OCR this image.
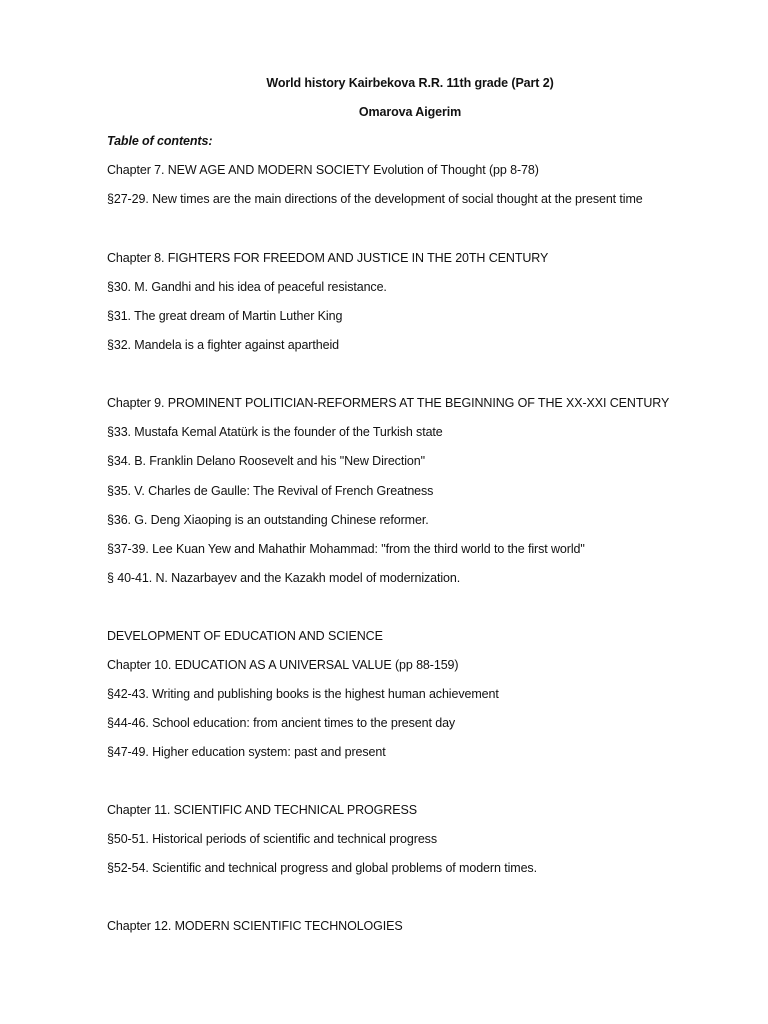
World history Kairbekova R.R. 11th grade (Part 2)
Omarova Aigerim
Table of contents:
Chapter 7. NEW AGE AND MODERN SOCIETY Evolution of Thought (pp 8-78)
§27-29. New times are the main directions of the development of social thought at the present time
Chapter 8. FIGHTERS FOR FREEDOM AND JUSTICE IN THE 20TH CENTURY
§30. M. Gandhi and his idea of peaceful resistance.
§31. The great dream of Martin Luther King
§32. Mandela is a fighter against apartheid
Chapter 9. PROMINENT POLITICIAN-REFORMERS AT THE BEGINNING OF THE XX-XXI CENTURY
§33. Mustafa Kemal Atatürk is the founder of the Turkish state
§34. B. Franklin Delano Roosevelt and his "New Direction"
§35. V. Charles de Gaulle: The Revival of French Greatness
§36. G. Deng Xiaoping is an outstanding Chinese reformer.
§37-39. Lee Kuan Yew and Mahathir Mohammad: "from the third world to the first world"
§ 40-41. N. Nazarbayev and the Kazakh model of modernization.
DEVELOPMENT OF EDUCATION AND SCIENCE
Chapter 10. EDUCATION AS A UNIVERSAL VALUE (pp 88-159)
§42-43. Writing and publishing books is the highest human achievement
§44-46. School education: from ancient times to the present day
§47-49. Higher education system: past and present
Chapter 11. SCIENTIFIC AND TECHNICAL PROGRESS
§50-51. Historical periods of scientific and technical progress
§52-54. Scientific and technical progress and global problems of modern times.
Chapter 12. MODERN SCIENTIFIC TECHNOLOGIES
